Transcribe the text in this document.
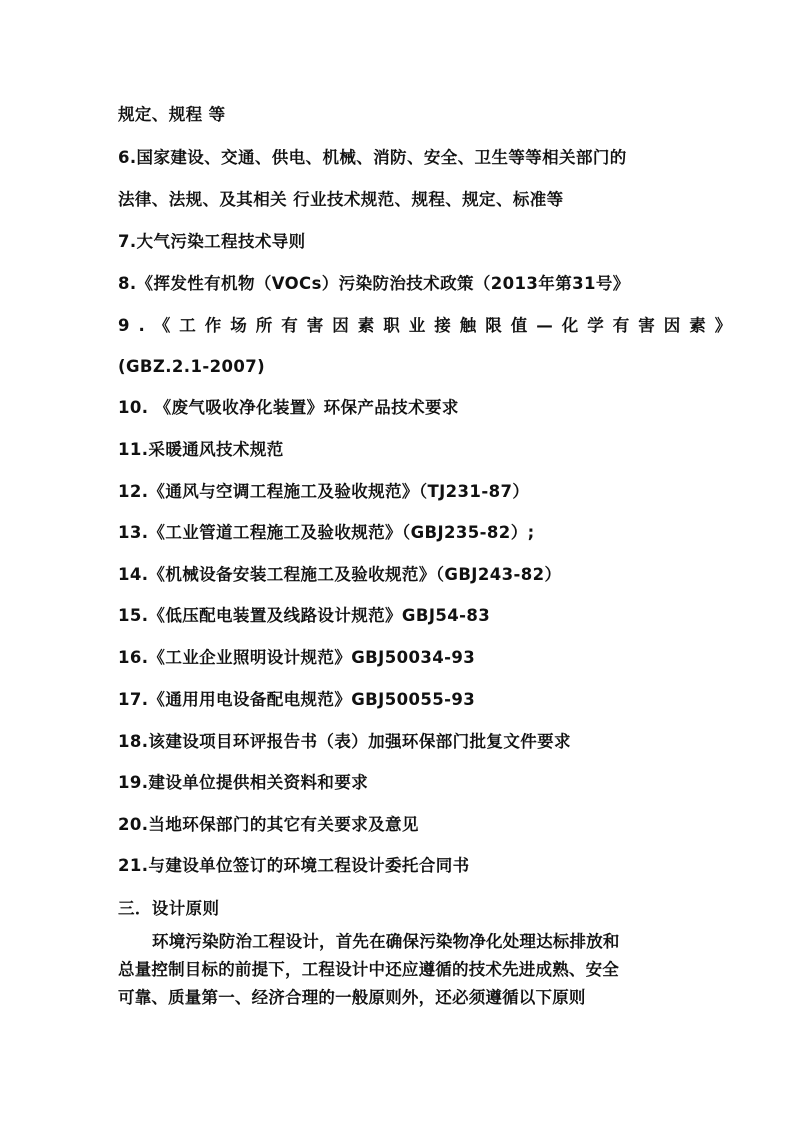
规定、规程 等
6.国家建设、交通、供电、机械、消防、安全、卫生等等相关部门的
法律、法规、及其相关 行业技术规范、规程、规定、标准等
7.大气污染工程技术导则
8.《挥发性有机物（VOCs）污染防治技术政策（2013年第31号》
9.《工作场所有害因素职业接触限值—化学有害因素》
(GBZ.2.1-2007)
10. 《废气吸收净化装置》环保产品技术要求
11.采暖通风技术规范
12.《通风与空调工程施工及验收规范》（TJ231-87）
13.《工业管道工程施工及验收规范》（GBJ235-82）;
14.《机械设备安装工程施工及验收规范》（GBJ243-82）
15.《低压配电装置及线路设计规范》GBJ54-83
16.《工业企业照明设计规范》GBJ50034-93
17.《通用用电设备配电规范》GBJ50055-93
18.该建设项目环评报告书（表）加强环保部门批复文件要求
19.建设单位提供相关资料和要求
20.当地环保部门的其它有关要求及意见
21.与建设单位签订的环境工程设计委托合同书
三．设计原则
环境污染防治工程设计，首先在确保污染物净化处理达标排放和
总量控制目标的前提下，工程设计中还应遵循的技术先进成熟、安全
可靠、质量第一、经济合理的一般原则外，还必须遵循以下原则
